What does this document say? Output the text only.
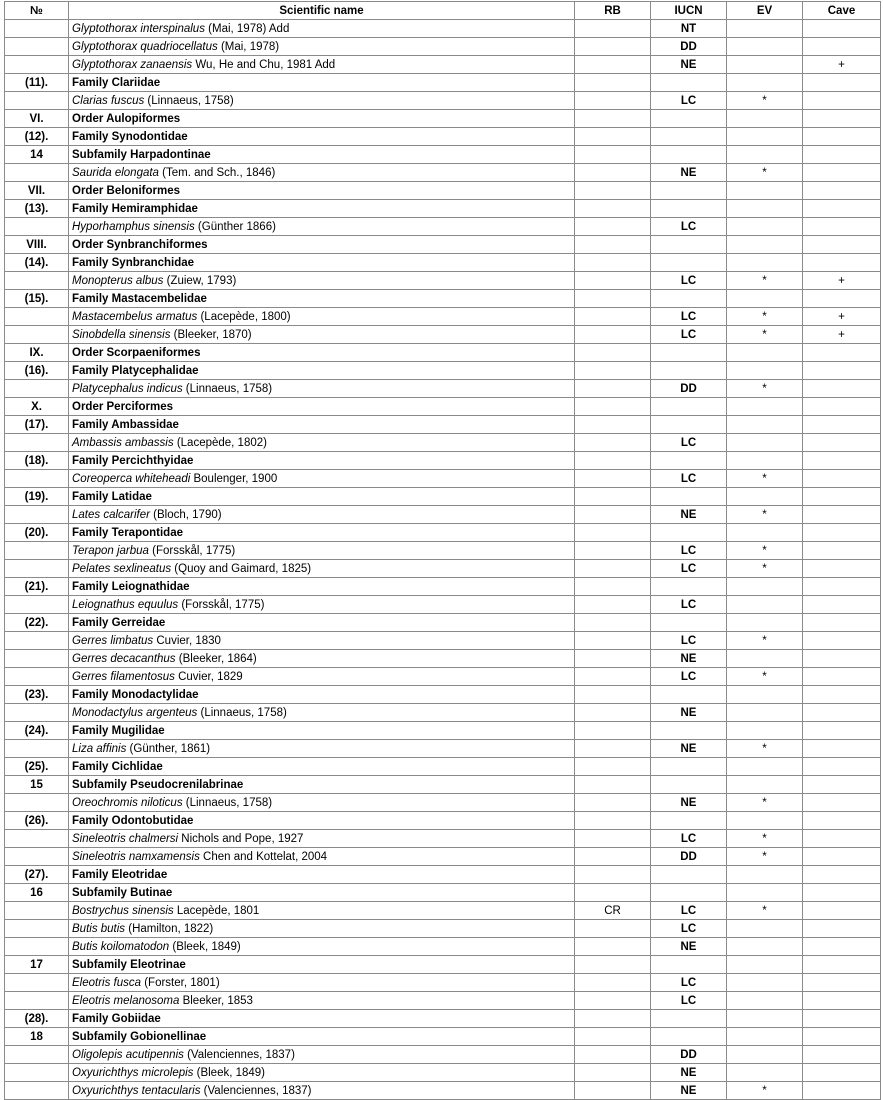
№	Scientific name	RB	IUCN	EV	Cave
	Glyptothorax interspinalus (Mai, 1978) Add		NT		
	Glyptothorax quadriocellatus (Mai, 1978)		DD		
	Glyptothorax zanaensis Wu, He and Chu, 1981 Add		NE		+
(11).	Family Clariidae				
	Clarias fuscus (Linnaeus, 1758)		LC	*	
VI.	Order Aulopiformes				
(12).	Family Synodontidae				
14	Subfamily Harpadontinae				
	Saurida elongata (Tem. and Sch., 1846)		NE	*	
VII.	Order Beloniformes				
(13).	Family Hemiramphidae				
	Hyporhamphus sinensis (Günther 1866)		LC		
VIII.	Order Synbranchiformes				
(14).	Family Synbranchidae				
	Monopterus albus (Zuiew, 1793)		LC	*	+
(15).	Family Mastacembelidae				
	Mastacembelus armatus (Lacepède, 1800)		LC	*	+
	Sinobdella sinensis (Bleeker, 1870)		LC	*	+
IX.	Order Scorpaeniformes				
(16).	Family Platycephalidae				
	Platycephalus indicus (Linnaeus, 1758)		DD	*	
X.	Order Perciformes				
(17).	Family Ambassidae				
	Ambassis ambassis (Lacepède, 1802)		LC		
(18).	Family Percichthyidae				
	Coreoperca whiteheadi Boulenger, 1900		LC	*	
(19).	Family Latidae				
	Lates calcarifer (Bloch, 1790)		NE	*	
(20).	Family Terapontidae				
	Terapon jarbua (Forsskål, 1775)		LC	*	
	Pelates sexlineatus (Quoy and Gaimard, 1825)		LC	*	
(21).	Family Leiognathidae				
	Leiognathus equulus (Forsskål, 1775)		LC		
(22).	Family Gerreidae				
	Gerres limbatus Cuvier, 1830		LC	*	
	Gerres decacanthus (Bleeker, 1864)		NE		
	Gerres filamentosus Cuvier, 1829		LC	*	
(23).	Family Monodactylidae				
	Monodactylus argenteus (Linnaeus, 1758)		NE		
(24).	Family Mugilidae				
	Liza affinis (Günther, 1861)		NE	*	
(25).	Family Cichlidae				
15	Subfamily Pseudocrenilabrinae				
	Oreochromis niloticus (Linnaeus, 1758)		NE	*	
(26).	Family Odontobutidae				
	Sineleotris chalmersi Nichols and Pope, 1927		LC	*	
	Sineleotris namxamensis Chen and Kottelat, 2004		DD	*	
(27).	Family Eleotridae				
16	Subfamily Butinae				
	Bostrychus sinensis Lacepède, 1801	CR	LC	*	
	Butis butis (Hamilton, 1822)		LC		
	Butis koilomatodon (Bleek, 1849)		NE		
17	Subfamily Eleotrinae				
	Eleotris fusca (Forster, 1801)		LC		
	Eleotris melanosoma Bleeker, 1853		LC		
(28).	Family Gobiidae				
18	Subfamily Gobionellinae				
	Oligolepis acutipennis (Valenciennes, 1837)		DD		
	Oxyurichthys microlepis (Bleek, 1849)		NE		
	Oxyurichthys tentacularis (Valenciennes, 1837)		NE	*	
